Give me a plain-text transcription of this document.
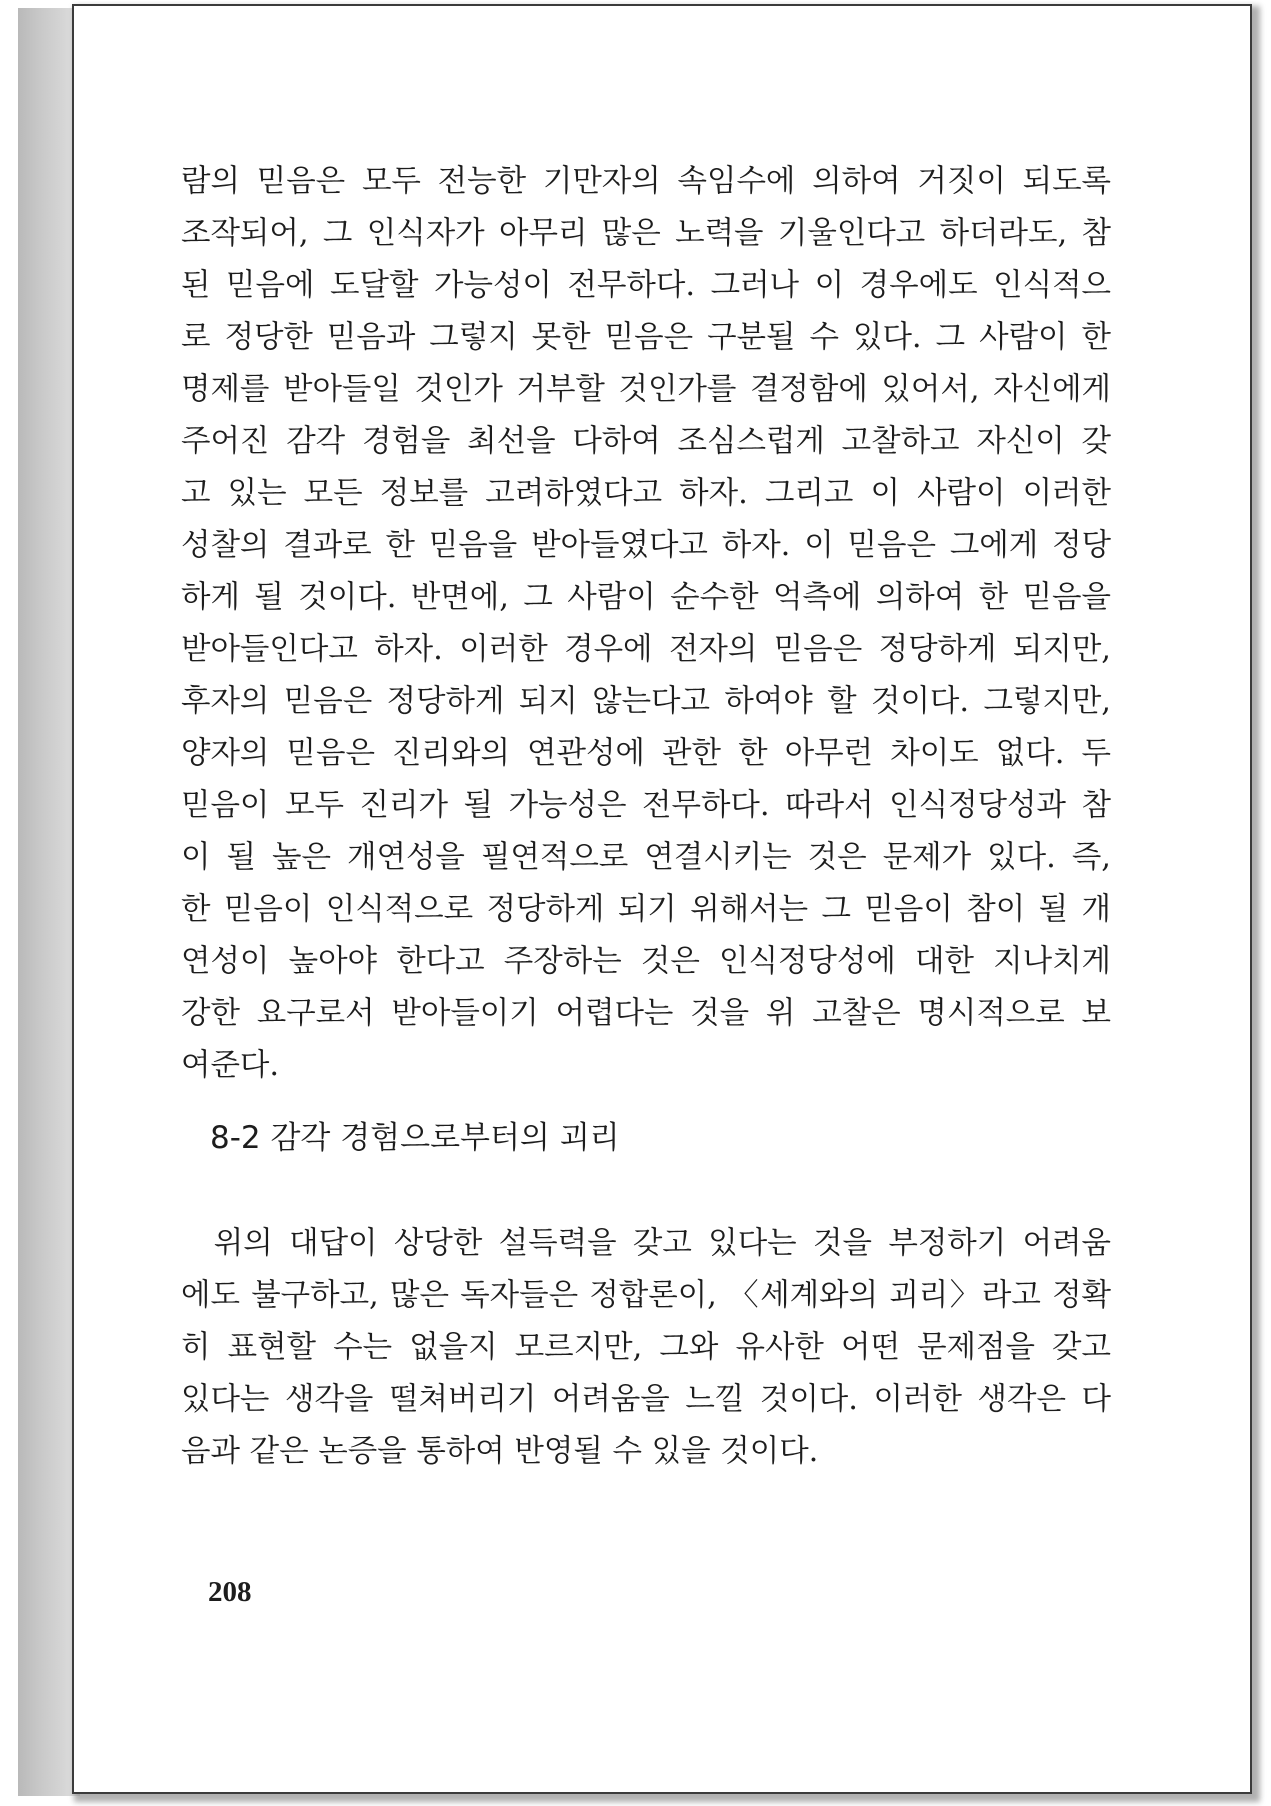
람의 믿음은 모두 전능한 기만자의 속임수에 의하여 거짓이 되도록
조작되어, 그 인식자가 아무리 많은 노력을 기울인다고 하더라도, 참
된 믿음에 도달할 가능성이 전무하다. 그러나 이 경우에도 인식적으
로 정당한 믿음과 그렇지 못한 믿음은 구분될 수 있다. 그 사람이 한
명제를 받아들일 것인가 거부할 것인가를 결정함에 있어서, 자신에게
주어진 감각 경험을 최선을 다하여 조심스럽게 고찰하고 자신이 갖
고 있는 모든 정보를 고려하였다고 하자. 그리고 이 사람이 이러한
성찰의 결과로 한 믿음을 받아들였다고 하자. 이 믿음은 그에게 정당
하게 될 것이다. 반면에, 그 사람이 순수한 억측에 의하여 한 믿음을
받아들인다고 하자. 이러한 경우에 전자의 믿음은 정당하게 되지만,
후자의 믿음은 정당하게 되지 않는다고 하여야 할 것이다. 그렇지만,
양자의 믿음은 진리와의 연관성에 관한 한 아무런 차이도 없다. 두
믿음이 모두 진리가 될 가능성은 전무하다. 따라서 인식정당성과 참
이 될 높은 개연성을 필연적으로 연결시키는 것은 문제가 있다. 즉,
한 믿음이 인식적으로 정당하게 되기 위해서는 그 믿음이 참이 될 개
연성이 높아야 한다고 주장하는 것은 인식정당성에 대한 지나치게
강한 요구로서 받아들이기 어렵다는 것을 위 고찰은 명시적으로 보
여준다.
8-2 감각 경험으로부터의 괴리
위의 대답이 상당한 설득력을 갖고 있다는 것을 부정하기 어려움
에도 불구하고, 많은 독자들은 정합론이, 〈세계와의 괴리〉라고 정확
히 표현할 수는 없을지 모르지만, 그와 유사한 어떤 문제점을 갖고
있다는 생각을 떨쳐버리기 어려움을 느낄 것이다. 이러한 생각은 다
음과 같은 논증을 통하여 반영될 수 있을 것이다.
208
